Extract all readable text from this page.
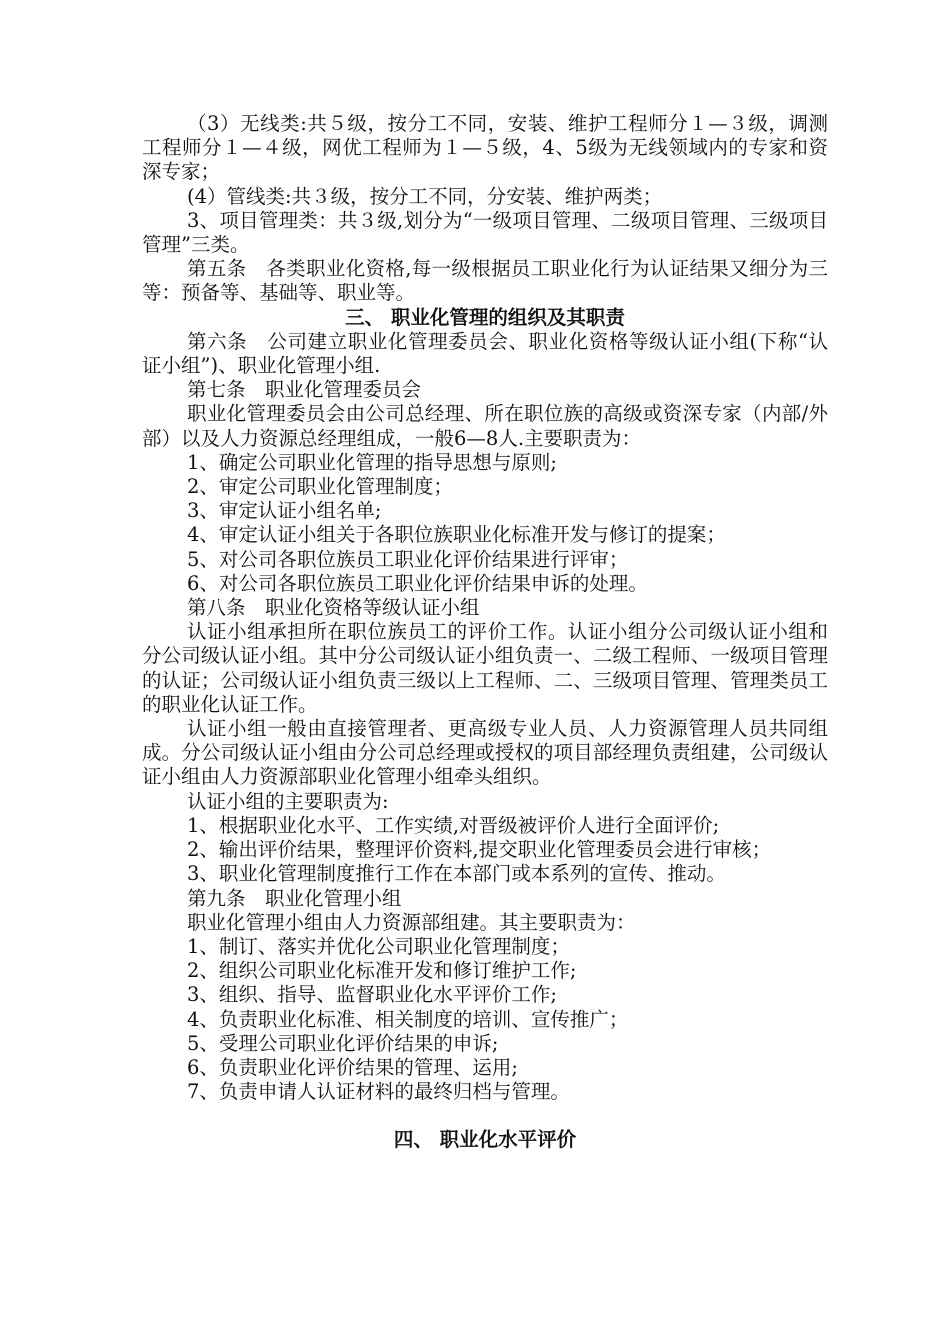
（3）无线类:共５级，按分工不同，安装、维护工程师分１—３级，调测工程师分１—４级，网优工程师为１—５级，4、5级为无线领域内的专家和资深专家；

(4）管线类:共３级，按分工不同，分安装、维护两类；

3、项目管理类：共３级,划分为“一级项目管理、二级项目管理、三级项目管理”三类。

第五条　各类职业化资格,每一级根据员工职业化行为认证结果又细分为三等：预备等、基础等、职业等。

三、 职业化管理的组织及其职责

第六条　公司建立职业化管理委员会、职业化资格等级认证小组(下称“认证小组”)、职业化管理小组.

第七条　职业化管理委员会

职业化管理委员会由公司总经理、所在职位族的高级或资深专家（内部/外部）以及人力资源总经理组成，一般6—8人.主要职责为：

1、确定公司职业化管理的指导思想与原则;

2、审定公司职业化管理制度；

3、审定认证小组名单;

4、审定认证小组关于各职位族职业化标准开发与修订的提案；

5、对公司各职位族员工职业化评价结果进行评审；

6、对公司各职位族员工职业化评价结果申诉的处理。

第八条　职业化资格等级认证小组

认证小组承担所在职位族员工的评价工作。认证小组分公司级认证小组和分公司级认证小组。其中分公司级认证小组负责一、二级工程师、一级项目管理的认证；公司级认证小组负责三级以上工程师、二、三级项目管理、管理类员工的职业化认证工作。

认证小组一般由直接管理者、更高级专业人员、人力资源管理人员共同组成。分公司级认证小组由分公司总经理或授权的项目部经理负责组建，公司级认证小组由人力资源部职业化管理小组牵头组织。

认证小组的主要职责为:

1、根据职业化水平、工作实绩,对晋级被评价人进行全面评价;

2、输出评价结果，整理评价资料,提交职业化管理委员会进行审核；

3、职业化管理制度推行工作在本部门或本系列的宣传、推动。

第九条　职业化管理小组

职业化管理小组由人力资源部组建。其主要职责为：

1、制订、落实并优化公司职业化管理制度；

2、组织公司职业化标准开发和修订维护工作;

3、组织、指导、监督职业化水平评价工作;

4、负责职业化标准、相关制度的培训、宣传推广；

5、受理公司职业化评价结果的申诉;

6、负责职业化评价结果的管理、运用;

7、负责申请人认证材料的最终归档与管理。

四、 职业化水平评价
